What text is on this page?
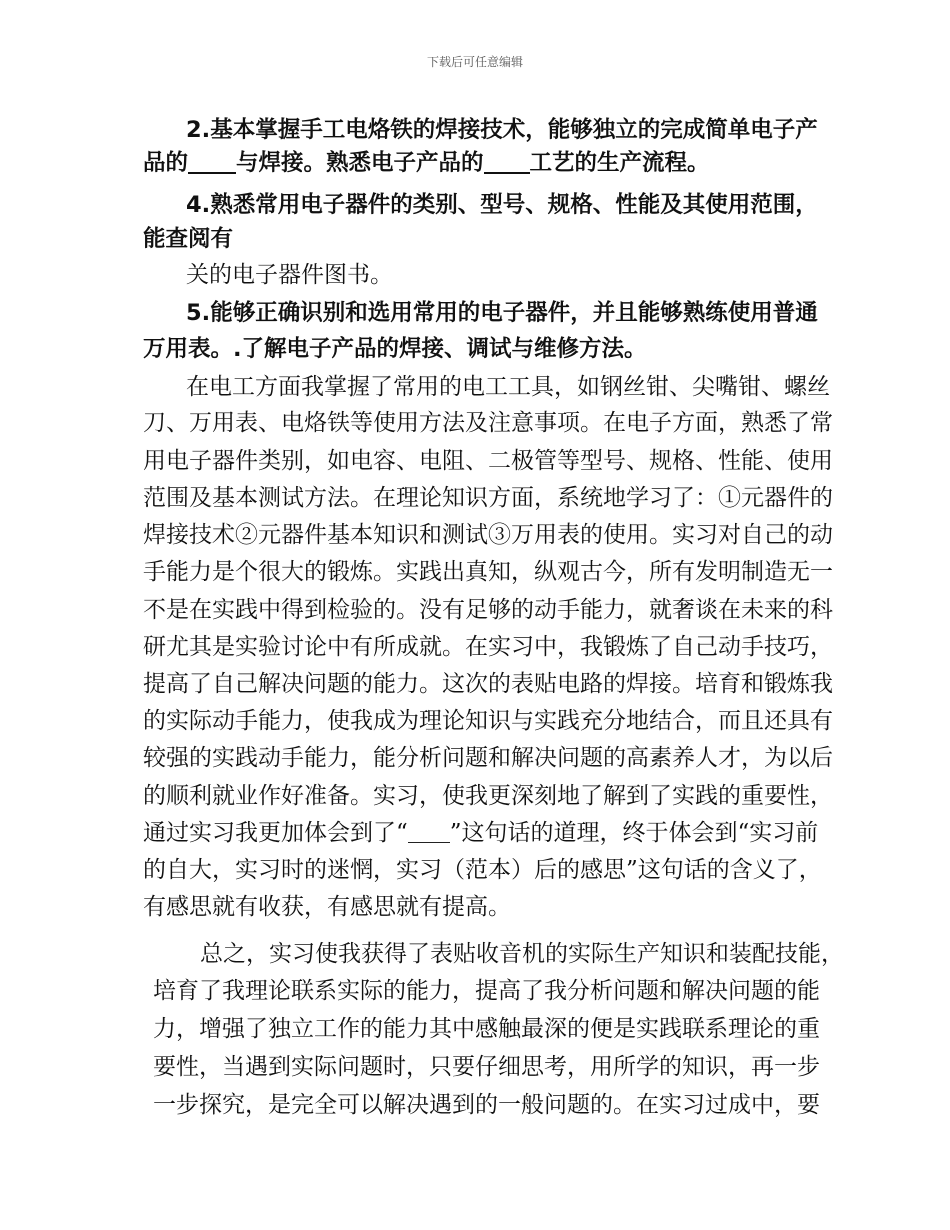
下载后可任意编辑
2.基本掌握手工电烙铁的焊接技术，能够独立的完成简单电子产
品的 与焊接。熟悉电子产品的 工艺的生产流程。
4.熟悉常用电子器件的类别、型号、规格、性能及其使用范围，
能查阅有
关的电子器件图书。
5.能够正确识别和选用常用的电子器件，并且能够熟练使用普通
万用表。.了解电子产品的焊接、调试与维修方法。
在电工方面我掌握了常用的电工工具，如钢丝钳、尖嘴钳、螺丝
刀、万用表、电烙铁等使用方法及注意事项。在电子方面，熟悉了常
用电子器件类别，如电容、电阻、二极管等型号、规格、性能、使用
范围及基本测试方法。在理论知识方面，系统地学习了：①元器件的
焊接技术②元器件基本知识和测试③万用表的使用。实习对自己的动
手能力是个很大的锻炼。实践出真知，纵观古今，所有发明制造无一
不是在实践中得到检验的。没有足够的动手能力，就奢谈在未来的科
研尤其是实验讨论中有所成就。在实习中，我锻炼了自己动手技巧，
提高了自己解决问题的能力。这次的表贴电路的焊接。培育和锻炼我
的实际动手能力，使我成为理论知识与实践充分地结合，而且还具有
较强的实践动手能力，能分析问题和解决问题的高素养人才，为以后
的顺利就业作好准备。实习，使我更深刻地了解到了实践的重要性，
通过实习我更加体会到了“ ”这句话的道理，终于体会到“实习前
的自大，实习时的迷惘，实习（范本）后的感思”这句话的含义了，
有感思就有收获，有感思就有提高。
总之，实习使我获得了表贴收音机的实际生产知识和装配技能，
培育了我理论联系实际的能力，提高了我分析问题和解决问题的能
力，增强了独立工作的能力其中感触最深的便是实践联系理论的重
要性，当遇到实际问题时，只要仔细思考，用所学的知识，再一步
一步探究，是完全可以解决遇到的一般问题的。在实习过成中，要
